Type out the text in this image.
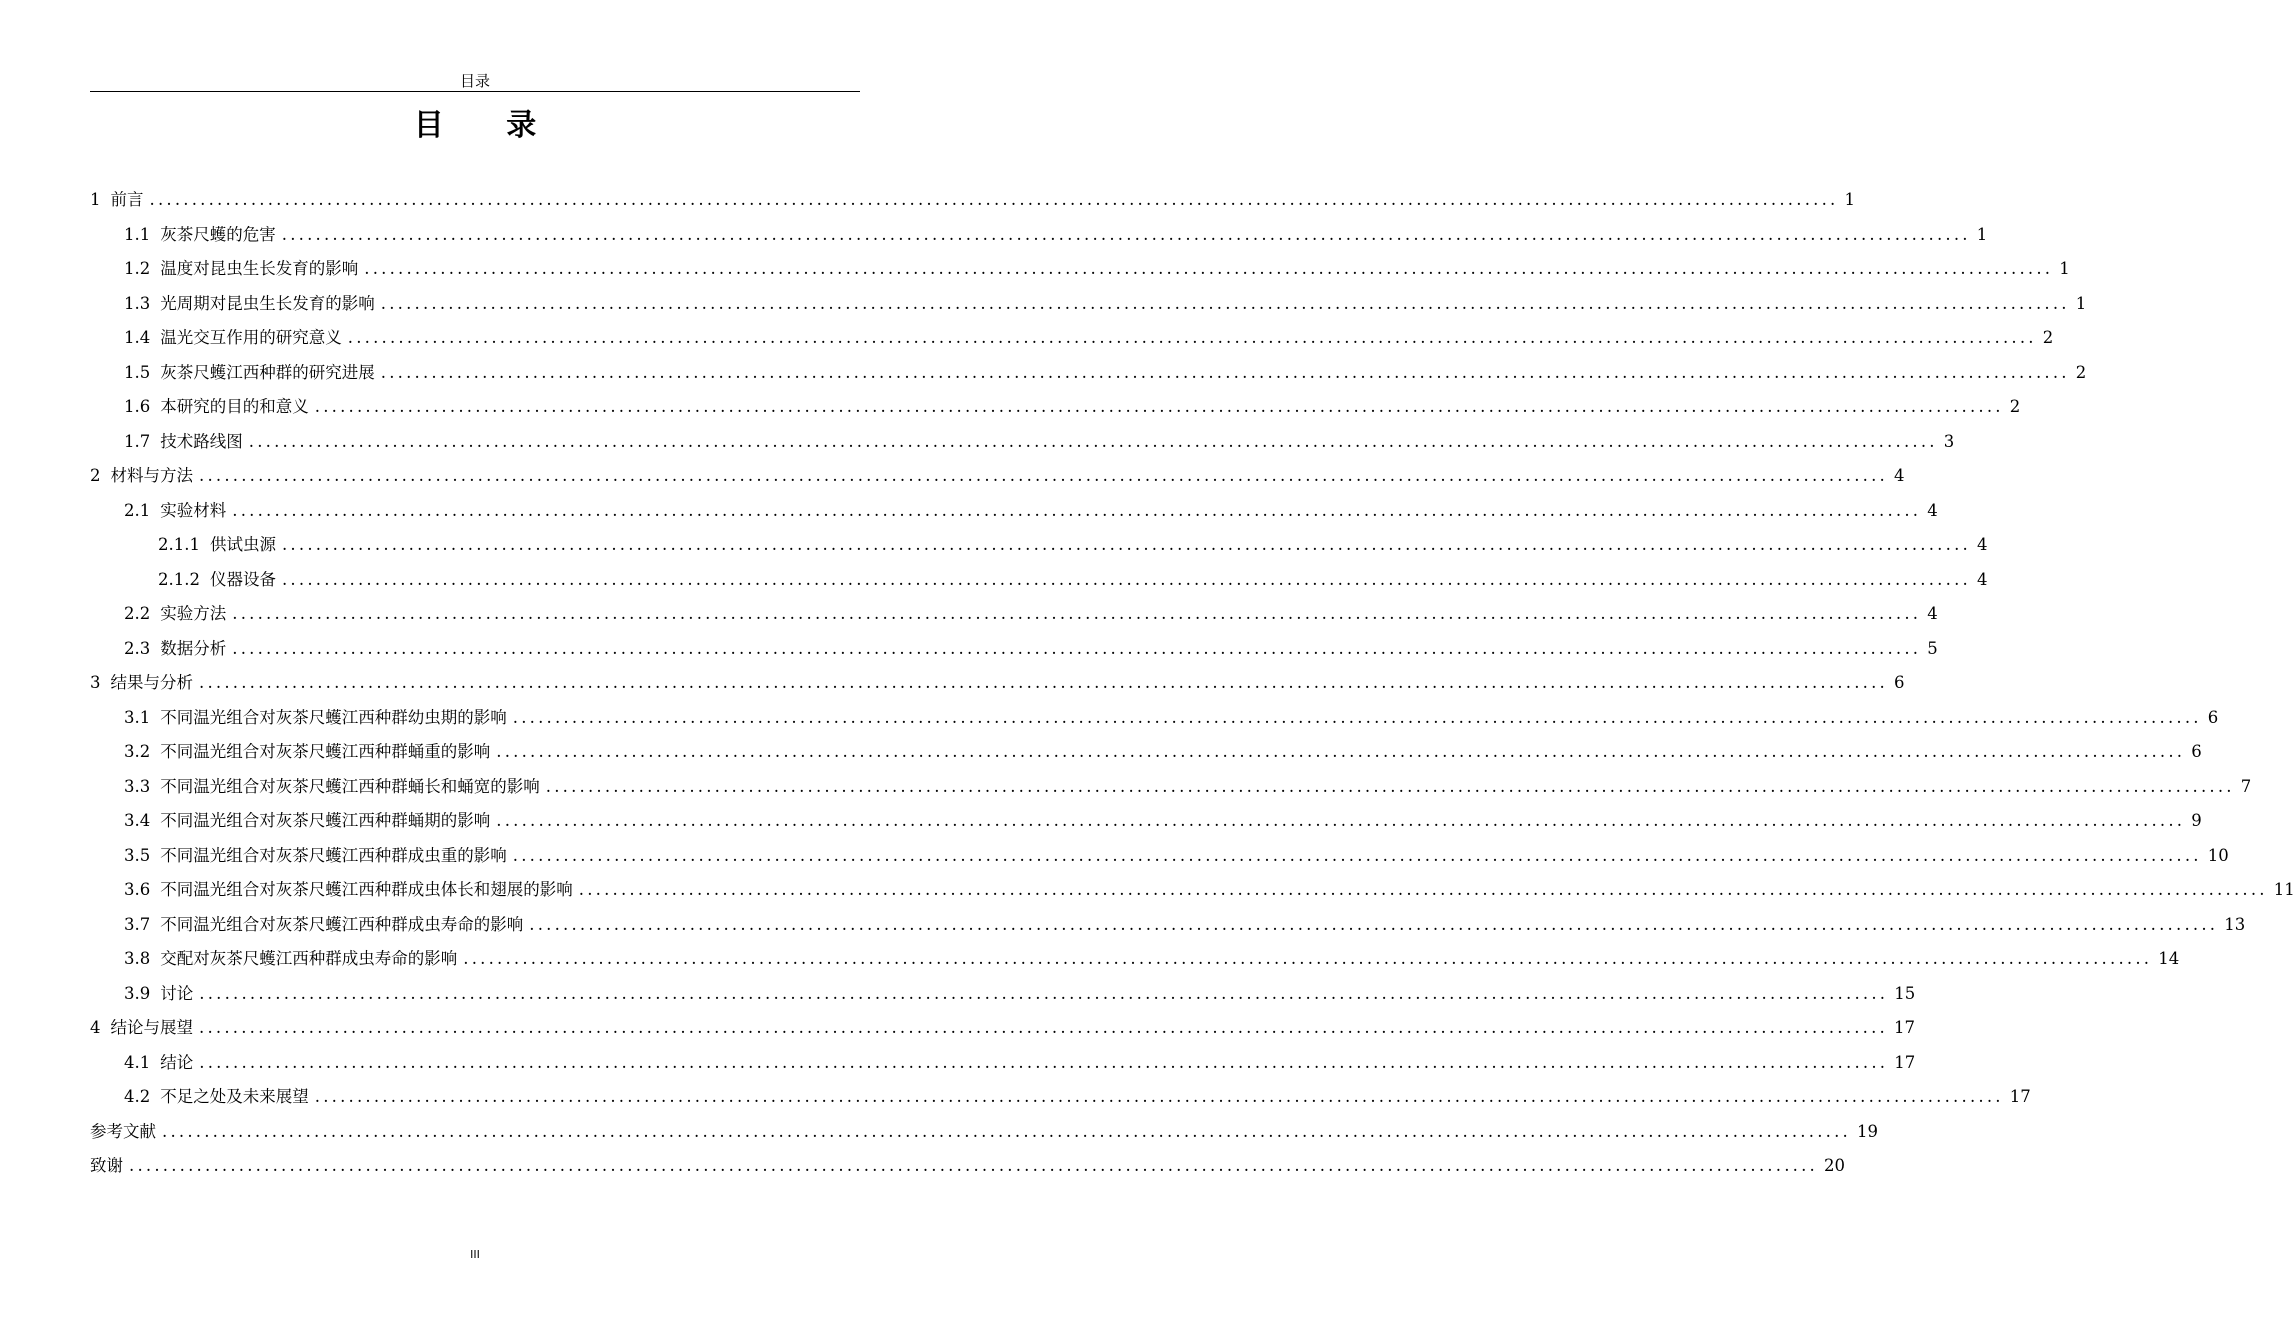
目录
目 录
1 前言 ........................................................................................................................................................................................................ 1
1.1 灰茶尺蠖的危害 ........................................................................................................................................................................................................ 1
1.2 温度对昆虫生长发育的影响 ........................................................................................................................................................................................................ 1
1.3 光周期对昆虫生长发育的影响 ........................................................................................................................................................................................................ 1
1.4 温光交互作用的研究意义 ........................................................................................................................................................................................................ 2
1.5 灰茶尺蠖江西种群的研究进展 ........................................................................................................................................................................................................ 2
1.6 本研究的目的和意义 ........................................................................................................................................................................................................ 2
1.7 技术路线图 ........................................................................................................................................................................................................ 3
2 材料与方法 ........................................................................................................................................................................................................ 4
2.1 实验材料 ........................................................................................................................................................................................................ 4
2.1.1 供试虫源 ........................................................................................................................................................................................................ 4
2.1.2 仪器设备 ........................................................................................................................................................................................................ 4
2.2 实验方法 ........................................................................................................................................................................................................ 4
2.3 数据分析 ........................................................................................................................................................................................................ 5
3 结果与分析 ........................................................................................................................................................................................................ 6
3.1 不同温光组合对灰茶尺蠖江西种群幼虫期的影响 ........................................................................................................................................................................................................ 6
3.2 不同温光组合对灰茶尺蠖江西种群蛹重的影响 ........................................................................................................................................................................................................ 6
3.3 不同温光组合对灰茶尺蠖江西种群蛹长和蛹宽的影响 ........................................................................................................................................................................................................ 7
3.4 不同温光组合对灰茶尺蠖江西种群蛹期的影响 ........................................................................................................................................................................................................ 9
3.5 不同温光组合对灰茶尺蠖江西种群成虫重的影响 ........................................................................................................................................................................................................ 10
3.6 不同温光组合对灰茶尺蠖江西种群成虫体长和翅展的影响 ........................................................................................................................................................................................................ 11
3.7 不同温光组合对灰茶尺蠖江西种群成虫寿命的影响 ........................................................................................................................................................................................................ 13
3.8 交配对灰茶尺蠖江西种群成虫寿命的影响 ........................................................................................................................................................................................................ 14
3.9 讨论 ........................................................................................................................................................................................................ 15
4 结论与展望 ........................................................................................................................................................................................................ 17
4.1 结论 ........................................................................................................................................................................................................ 17
4.2 不足之处及未来展望 ........................................................................................................................................................................................................ 17
参考文献 ........................................................................................................................................................................................................ 19
致谢 ........................................................................................................................................................................................................ 20
III
